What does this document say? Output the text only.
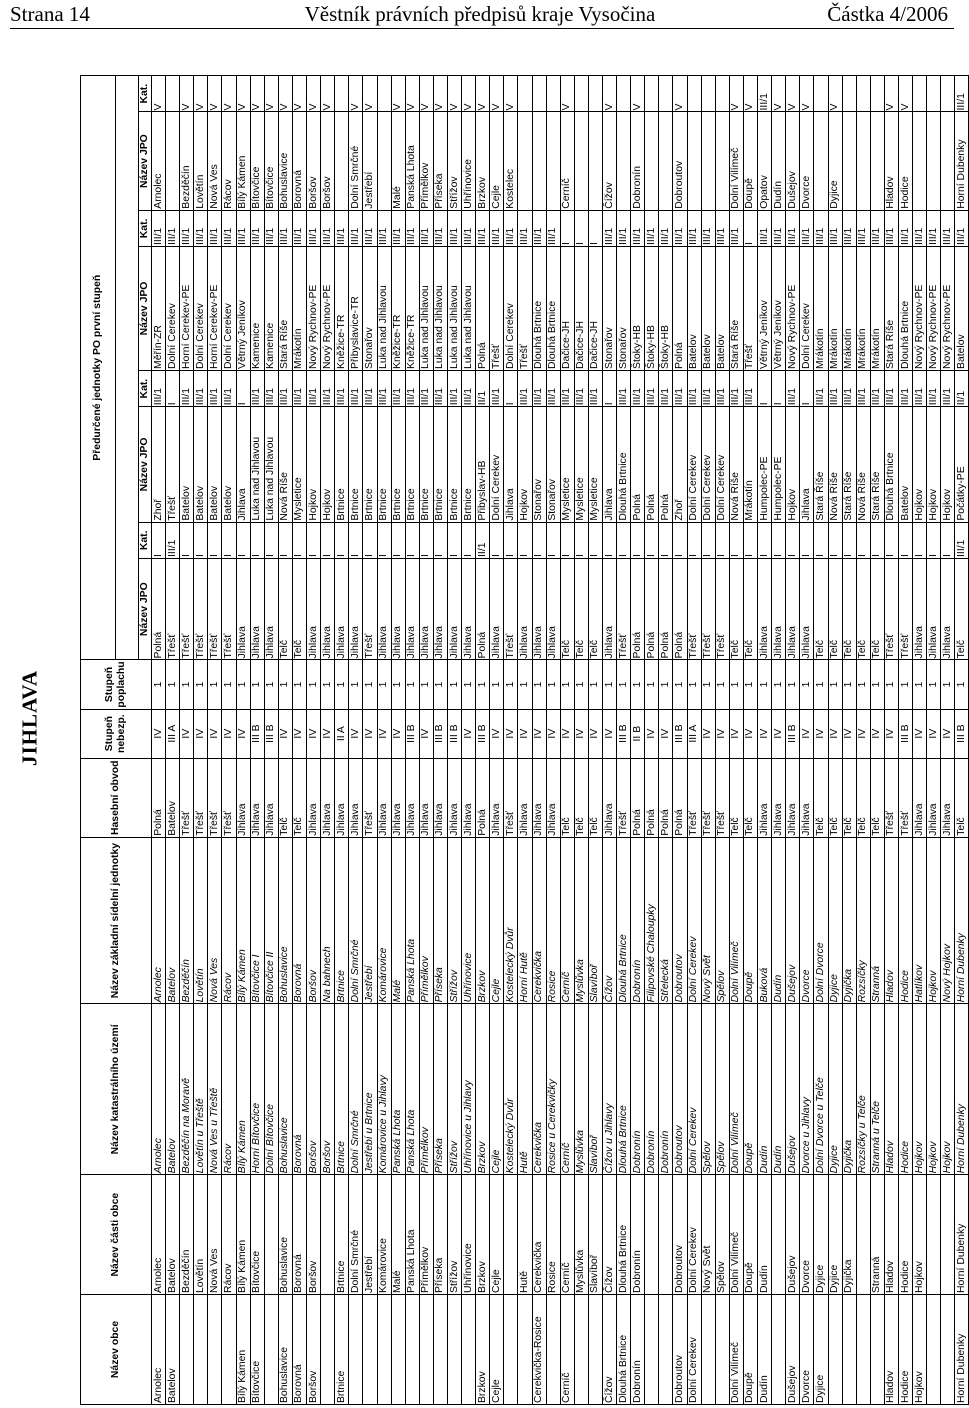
Strana 14	Věstník právních předpisů kraje Vysočina	Částka 4/2006
JIHLAVA
Název obce	Název části obce	Název katastrálního území	Název základní sídelní jednotky	Hasební obvod	Stupeň nebezp.	Stupeň poplachu	Předurčené jednotky PO první stupeň							

							Název JPO	Kat.	Název JPO	Kat.	Název JPO	Kat.	Název JPO	Kat.
Arnolec	Arnolec	Arnolec	Arnolec	Polná	IV	1	Polná	I	Zhoř	III/1	Měřín-ZR	III/1	Arnolec	V
Batelov	Batelov	Batelov	Batelov	Batelov	III A	1	Třešť	III/1	Třešť	I	Dolní Cerekev	III/1		
	Bezděčín	Bezděčín na Moravě	Bezděčín	Třešť	IV	1	Třešť	I	Batelov	III/1	Horní Cerekev-PE	III/1	Bezděčín	V
	Lovětín	Lovětín u Třeště	Lovětín	Třešť	IV	1	Třešť	I	Batelov	III/1	Dolní Cerekev	III/1	Lovětín	V
	Nová Ves	Nová Ves u Třeště	Nová Ves	Třešť	IV	1	Třešť	I	Batelov	III/1	Horní Cerekev-PE	III/1	Nová Ves	V
	Rácov	Rácov	Rácov	Třešť	IV	1	Třešť	I	Batelov	III/1	Dolní Cerekev	III/1	Rácov	V
Bílý Kámen	Bílý Kámen	Bílý Kámen	Bílý Kámen	Jihlava	IV	1	Jihlava	I	Jihlava	I	Větrný Jeníkov	III/1	Bílý Kámen	V
Bítovčice	Bítovčice	Horní Bítovčice	Bítovčice I	Jihlava	III B	1	Jihlava	I	Luka nad Jihlavou	III/1	Kamenice	III/1	Bítovčice	V
		Dolní Bítovčice	Bítovčice II	Jihlava	III B	1	Jihlava	I	Luka nad Jihlavou	III/1	Kamenice	III/1	Bítovčice	V
Bohuslavice	Bohuslavice	Bohuslavice	Bohuslavice	Telč	IV	1	Telč	I	Nová Říše	III/1	Stará Říše	III/1	Bohuslavice	V
Borovná	Borovná	Borovná	Borovná	Telč	IV	1	Telč	I	Mysletice	III/1	Mrákotín	III/1	Borovná	V
Boršov	Boršov	Boršov	Boršov	Jihlava	IV	1	Jihlava	I	Hojkov	III/1	Nový Rychnov-PE	III/1	Boršov	V
		Boršov	Na bahnech	Jihlava	IV	1	Jihlava	I	Hojkov	III/1	Nový Rychnov-PE	III/1	Boršov	V
Brtnice	Brtnice	Brtnice	Brtnice	Jihlava	II A	1	Jihlava	I	Brtnice	III/1	Kněžice-TR	III/1		
	Dolní Smrčné	Dolní Smrčné	Dolní Smrčné	Jihlava	IV	1	Jihlava	I	Brtnice	III/1	Přibyslavice-TR	III/1	Dolní Smrčné	V
	Jestřebí	Jestřebí u Brtnice	Jestřebí	Třešť	IV	1	Třešť	I	Brtnice	III/1	Stonařov	III/1	Jestřebí	V
	Komárovice	Komárovice u Jihlavy	Komárovice	Jihlava	IV	1	Jihlava	I	Brtnice	III/1	Luka nad Jihlavou	III/1		
	Malé	Panská Lhota	Malé	Jihlava	IV	1	Jihlava	I	Brtnice	III/1	Kněžice-TR	III/1	Malé	V
	Panská Lhota	Panská Lhota	Panská Lhota	Jihlava	III B	1	Jihlava	I	Brtnice	III/1	Kněžice-TR	III/1	Panská Lhota	V
	Přímělkov	Přímělkov	Přímělkov	Jihlava	IV	1	Jihlava	I	Brtnice	III/1	Luka nad Jihlavou	III/1	Přímělkov	V
	Příseka	Příseka	Příseka	Jihlava	III B	1	Jihlava	I	Brtnice	III/1	Luka nad Jihlavou	III/1	Příseka	V
	Střížov	Střížov	Střížov	Jihlava	III B	1	Jihlava	I	Brtnice	III/1	Luka nad Jihlavou	III/1	Střížov	V
	Uhřínovice	Uhřínovice u Jihlavy	Uhřínovice	Jihlava	IV	1	Jihlava	I	Brtnice	III/1	Luka nad Jihlavou	III/1	Uhřínovice	V
Brzkov	Brzkov	Brzkov	Brzkov	Polná	III B	1	Polná	II/1	Přibyslav-HB	II/1	Polná	III/1	Brzkov	V
Cejle	Cejle	Cejle	Cejle	Jihlava	IV	1	Jihlava	I	Dolní Cerekev	III/1	Třešť	III/1	Cejle	V
		Kostelecký Dvůr	Kostelecký Dvůr	Třešť	IV	1	Třešť	I	Jihlava	I	Dolní Cerekev	III/1	Kostelec	V
	Hutě	Hutě	Horní Hutě	Jihlava	IV	1	Jihlava	I	Hojkov	III/1	Třešť	III/1		
Cerekvička-Rosice	Cerekvička	Cerekvička	Cerekvička	Jihlava	IV	1	Jihlava	I	Stonařov	III/1	Dlouhá Brtnice	III/1		
	Rosice	Rosice u Cerekvičky	Rosice	Jihlava	IV	1	Jihlava	I	Stonařov	III/1	Dlouhá Brtnice	III/1		
Černíč	Černíč	Černíč	Černíč	Telč	IV	1	Telč	I	Mysletice	III/1	Dačice-JH	I	Černíč	V
	Myslůvka	Myslůvka	Myslůvka	Telč	IV	1	Telč	I	Mysletice	III/1	Dačice-JH	I		
	Slavíboř	Slavíboř	Slavíboř	Telč	IV	1	Telč	I	Mysletice	III/1	Dačice-JH	I		
Čížov	Čížov	Čížov u Jihlavy	Čížov	Jihlava	IV	1	Jihlava	I	Jihlava	I	Stonařov	III/1	Čížov	V
Dlouhá Brtnice	Dlouhá Brtnice	Dlouhá Brtnice	Dlouhá Brtnice	Třešť	III B	1	Třešť	I	Dlouhá Brtnice	III/1	Stonařov	III/1		
Dobronín	Dobronín	Dobronín	Dobronín	Polná	II B	1	Polná	I	Polná	III/1	Štoky-HB	III/1	Dobronín	V
		Dobronín	Filipovské Chaloupky	Polná	IV	1	Polná	I	Polná	III/1	Štoky-HB	III/1		
		Dobronín	Střelecká	Polná	IV	1	Polná	I	Polná	III/1	Štoky-HB	III/1		
Dobroutov	Dobroutov	Dobroutov	Dobroutov	Polná	III B	1	Polná	I	Zhoř	III/1	Polná	III/1	Dobroutov	V
Dolní Cerekev	Dolní Cerekev	Dolní Cerekev	Dolní Cerekev	Třešť	III A	1	Třešť	I	Dolní Cerekev	III/1	Batelov	III/1		
	Nový Svět	Spělov	Nový Svět	Třešť	IV	1	Třešť	I	Dolní Cerekev	III/1	Batelov	III/1		
	Spělov	Spělov	Spělov	Třešť	IV	1	Třešť	I	Dolní Cerekev	III/1	Batelov	III/1		
Dolní Vilímeč	Dolní Vilímeč	Dolní Vilímeč	Dolní Vilímeč	Telč	IV	1	Telč	I	Nová Říše	III/1	Stará Říše	III/1	Dolní Vilímeč	V
Doupě	Doupě	Doupě	Doupě	Telč	IV	1	Telč	I	Mrákotín	III/1	Třešť	I	Doupě	V
Dudín	Dudín	Dudín	Buková	Jihlava	IV	1	Jihlava	I	Humpolec-PE	I	Větrný Jeníkov	III/1	Opatov	III/1
		Dudín	Dudín	Jihlava	IV	1	Jihlava	I	Humpolec-PE	I	Větrný Jeníkov	III/1	Dudín	V
Dušejov	Dušejov	Dušejov	Dušejov	Jihlava	III B	1	Jihlava	I	Hojkov	III/1	Nový Rychnov-PE	III/1	Dušejov	V
Dvorce	Dvorce	Dvorce u Jihlavy	Dvorce	Jihlava	IV	1	Jihlava	I	Jihlava	I	Dolní Cerekev	III/1	Dvorce	V
Dyjice	Dyjice	Dolní Dvorce u Telče	Dolní Dvorce	Telč	IV	1	Telč	I	Stará Říše	III/1	Mrákotín	III/1		
	Dyjice	Dyjice	Dyjice	Telč	IV	1	Telč	I	Nová Říše	III/1	Mrákotín	III/1	Dyjice	V
	Dyjička	Dyjička	Dyjička	Telč	IV	1	Telč	I	Stará Říše	III/1	Mrákotín	III/1		
		Rozsíčky u Telče	Rozsíčky	Telč	IV	1	Telč	I	Nová Říše	III/1	Mrákotín	III/1		
	Stranná	Stranná u Telče	Stranná	Telč	IV	1	Telč	I	Stará Říše	III/1	Mrákotín	III/1		
Hladov	Hladov	Hladov	Hladov	Třešť	IV	1	Třešť	I	Dlouhá Brtnice	III/1	Stará Říše	III/1	Hladov	V
Hodice	Hodice	Hodice	Hodice	Třešť	III B	1	Třešť	I	Batelov	III/1	Dlouhá Brtnice	III/1	Hodice	V
Hojkov	Hojkov	Hojkov	Hatlíkov	Jihlava	IV	1	Jihlava	I	Hojkov	III/1	Nový Rychnov-PE	III/1		
		Hojkov	Hojkov	Jihlava	IV	1	Jihlava	I	Hojkov	III/1	Nový Rychnov-PE	III/1		
		Hojkov	Nový Hojkov	Jihlava	IV	1	Jihlava	I	Hojkov	III/1	Nový Rychnov-PE	III/1		
Horní Dubenky	Horní Dubenky	Horní Dubenky	Horní Dubenky	Telč	III B	1	Telč	III/1	Počátky-PE	II/1	Batelov	III/1	Horní Dubenky	III/1
